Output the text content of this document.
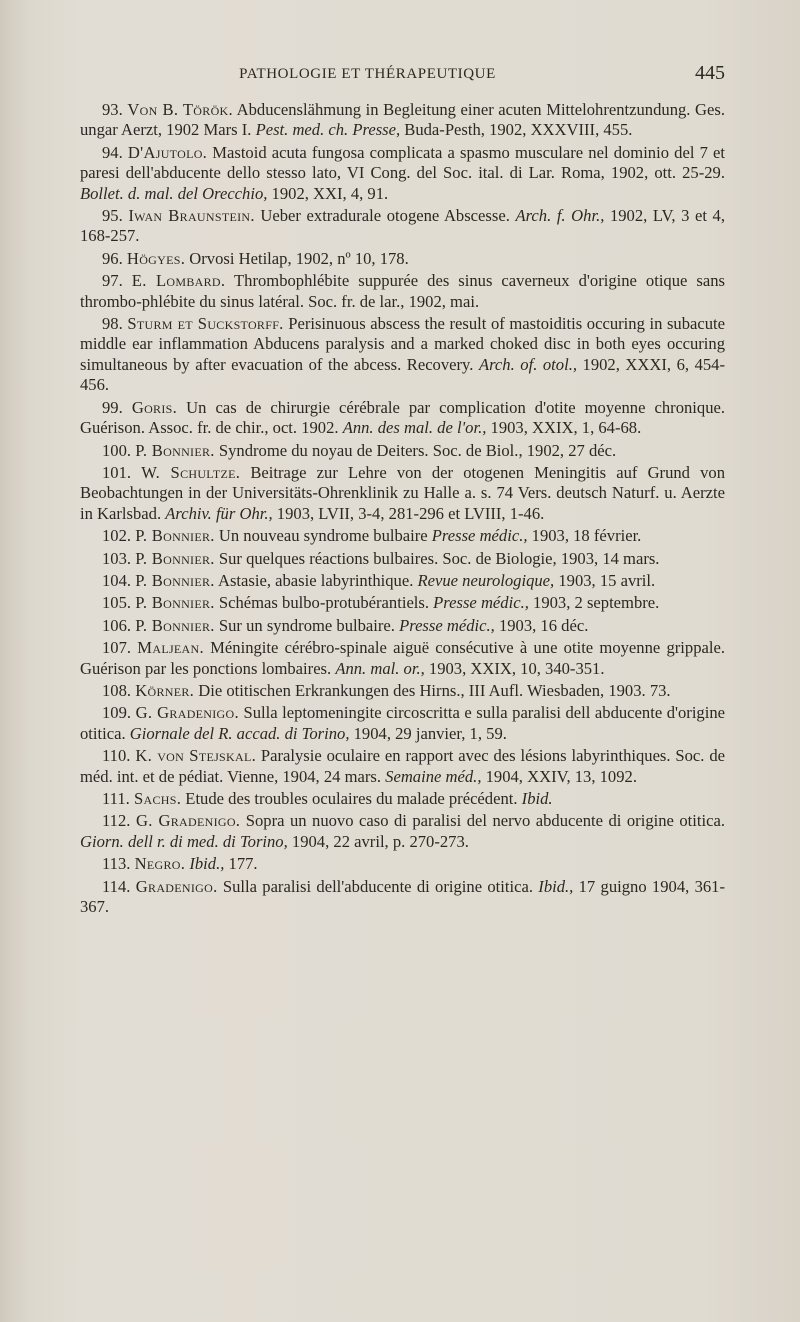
PATHOLOGIE ET THÉRAPEUTIQUE	445

93. Von B. Török. Abducenslähmung in Begleitung einer acuten Mittelohrentzundung. Ges. ungar Aerzt, 1902 Mars I. Pest. med. ch. Presse, Buda-Pesth, 1902, XXXVIII, 455.

94. D'Ajutolo. Mastoid acuta fungosa complicata a spasmo musculare nel dominio del 7 et paresi dell'abducente dello stesso lato, VI Cong. del Soc. ital. di Lar. Roma, 1902, ott. 25-29. Bollet. d. mal. del Orecchio, 1902, XXI, 4, 91.

95. Iwan Braunstein. Ueber extradurale otogene Abscesse. Arch. f. Ohr., 1902, LV, 3 et 4, 168-257.

96. Högyes. Orvosi Hetilap, 1902, nº 10, 178.

97. E. Lombard. Thrombophlébite suppurée des sinus caverneux d'origine otique sans thrombo-phlébite du sinus latéral. Soc. fr. de lar., 1902, mai.

98. Sturm et Suckstorff. Perisinuous abscess the result of mastoiditis occuring in subacute middle ear inflammation Abducens paralysis and a marked choked disc in both eyes occuring simultaneous by after evacuation of the abcess. Recovery. Arch. of. otol., 1902, XXXI, 6, 454-456.

99. Goris. Un cas de chirurgie cérébrale par complication d'otite moyenne chronique. Guérison. Assoc. fr. de chir., oct. 1902. Ann. des mal. de l'or., 1903, XXIX, 1, 64-68.

100. P. Bonnier. Syndrome du noyau de Deiters. Soc. de Biol., 1902, 27 déc.

101. W. Schultze. Beitrage zur Lehre von der otogenen Meningitis auf Grund von Beobachtungen in der Universitäts-Ohrenklinik zu Halle a. s. 74 Vers. deutsch Naturf. u. Aerzte in Karlsbad. Archiv. für Ohr., 1903, LVII, 3-4, 281-296 et LVIII, 1-46.

102. P. Bonnier. Un nouveau syndrome bulbaire Presse médic., 1903, 18 février.

103. P. Bonnier. Sur quelques réactions bulbaires. Soc. de Biologie, 1903, 14 mars.

104. P. Bonnier. Astasie, abasie labyrinthique. Revue neurologique, 1903, 15 avril.

105. P. Bonnier. Schémas bulbo-protubérantiels. Presse médic., 1903, 2 septembre.

106. P. Bonnier. Sur un syndrome bulbaire. Presse médic., 1903, 16 déc.

107. Maljean. Méningite cérébro-spinale aiguë consécutive à une otite moyenne grippale. Guérison par les ponctions lombaires. Ann. mal. or., 1903, XXIX, 10, 340-351.

108. Körner. Die otitischen Erkrankungen des Hirns., III Aufl. Wiesbaden, 1903. 73.

109. G. Gradenigo. Sulla leptomeningite circoscritta e sulla paralisi dell abducente d'origine otitica. Giornale del R. accad. di Torino, 1904, 29 janvier, 1, 59.

110. K. von Stejskal. Paralysie oculaire en rapport avec des lésions labyrinthiques. Soc. de méd. int. et de pédiat. Vienne, 1904, 24 mars. Semaine méd., 1904, XXIV, 13, 1092.

111. Sachs. Etude des troubles oculaires du malade précédent. Ibid.

112. G. Gradenigo. Sopra un nuovo caso di paralisi del nervo abducente di origine otitica. Giorn. dell r. di med. di Torino, 1904, 22 avril, p. 270-273.

113. Negro. Ibid., 177.

114. Gradenigo. Sulla paralisi dell'abducente di origine otitica. Ibid., 17 guigno 1904, 361-367.
